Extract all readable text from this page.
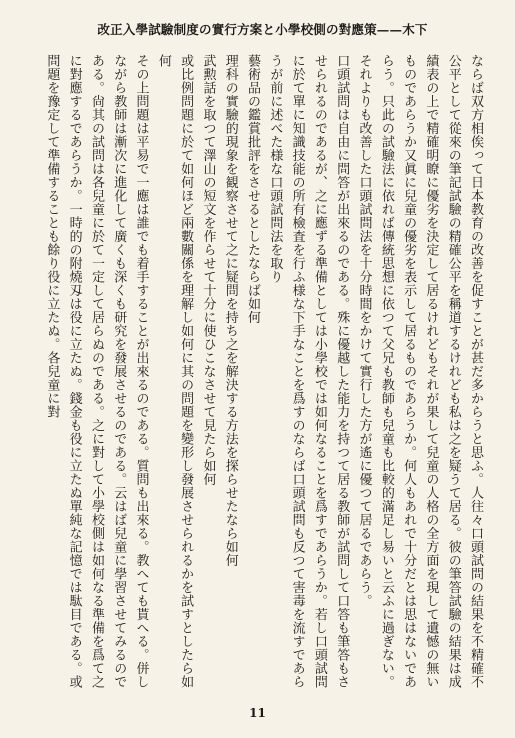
改正入學試驗制度の實行方案と小學校側の對應策——木下

ならば双方相俟って日本教育の改善を促すことが甚だ多からうと思ふ。人往々口頭試問の結果を不精確不公平として從來の筆記試驗の精確公平を稱道するけれども私は之を疑うて居る。彼の筆答試驗の結果は成績表の上で精確明瞭に優劣を決定して居るけれどもそれが果して兒童の人格の全方面を現して遺憾の無いものであらうか又眞に兒童の優劣を表示して居るものであらうか。何人もあれで十分だとは思はないであらう。只此の試驗法に依れば傳統思想に依つて父兄も教師も兒童も比較的滿足し易いと云ふに過ぎない。それよりも改善した口頭試問法を十分時間をかけて實行した方が遙に優つて居るであらう。

口頭試問は自由に問答が出來るのである。殊に優越した能力を持つて居る教師が試問して口答も筆答もさせられるのであるが、之に應ずる準備としては小學校では如何なることを爲すであらうか。若し口頭試問に於て單に知識技能の所有檢査を行ふ様な下手なことを爲すのならば口頭試問も反つて害毒を流すであらうが前に述べた様な口頭試問法を取り

藝術品の鑑賞批評をさせるとしたならば如何

理科の實驗的現象を観察させて之に疑問を持ち之を解決する方法を探らせたなら如何

武勲話を取つて澤山の短文を作らせて十分に使ひこなさせて見たら如何

或比例問題に於て如何ほど兩數關係を理解し如何に其の問題を變形し發展させられるかを試すとしたら如何

その上問題は平易で一應は誰でも着手することが出來るのである。質問も出來る。教へても貰へる。併しながら教師は漸次に進化して廣くも深くも研究を發展させるのである。云はば兒童に學習させてみるのである。尙其の試問は各兒童に於て一定して居らぬのである。之に對して小學校側は如何なる準備を爲て之に對應するであらうか。一時的の附燒刄は役に立たぬ。錢金も役に立たぬ單純な記憶では駄目である。或問題を豫定して準備することも餘り役に立たぬ。各兒童に對

11
